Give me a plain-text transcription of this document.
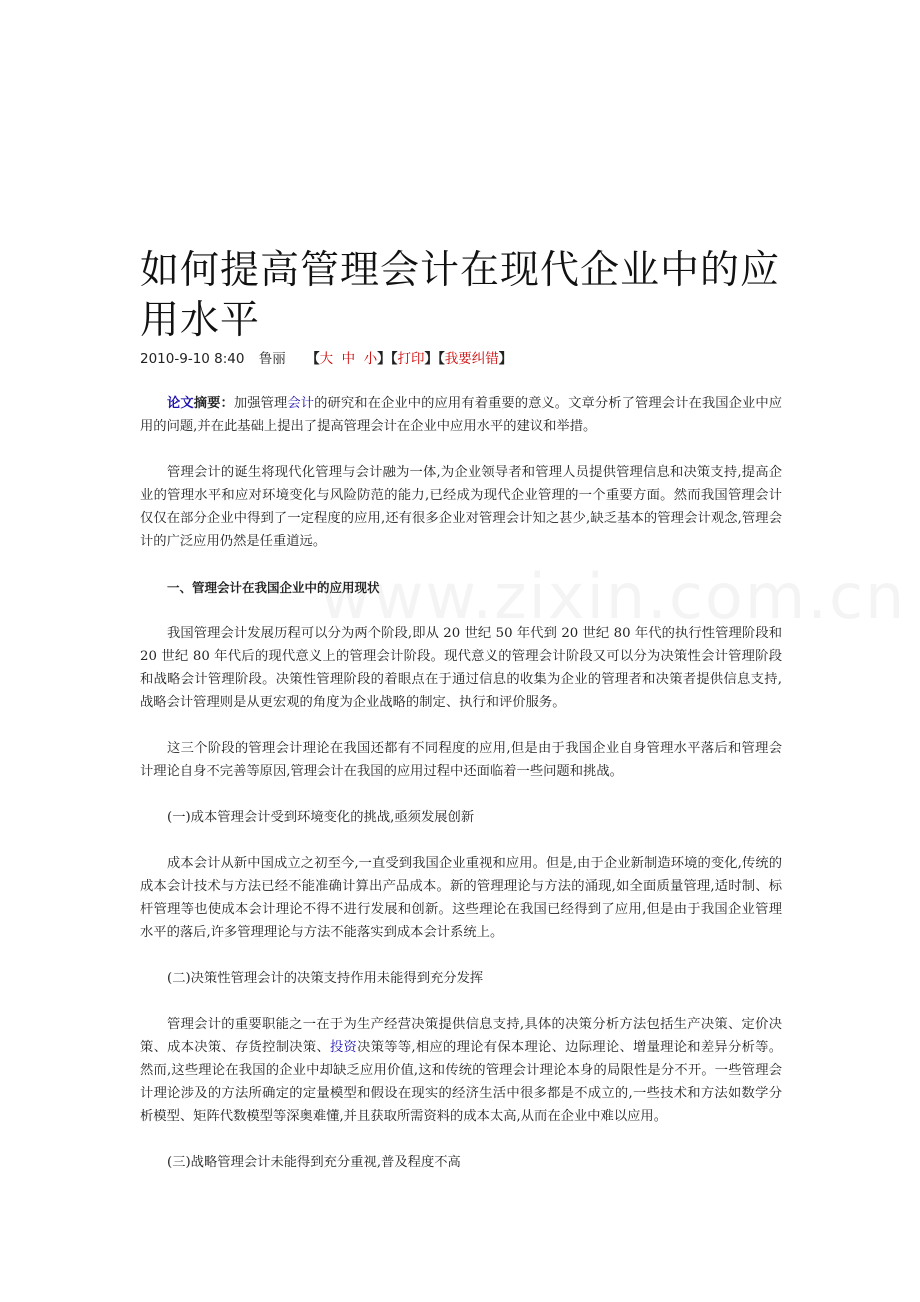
如何提高管理会计在现代企业中的应用水平
2010-9-10 8:40 鲁丽 【大 中 小】【打印】【我要纠错】

论文摘要：加强管理会计的研究和在企业中的应用有着重要的意义。文章分析了管理会计在我国企业中应用的问题,并在此基础上提出了提高管理会计在企业中应用水平的建议和举措。

管理会计的诞生将现代化管理与会计融为一体,为企业领导者和管理人员提供管理信息和决策支持,提高企业的管理水平和应对环境变化与风险防范的能力,已经成为现代企业管理的一个重要方面。然而我国管理会计仅仅在部分企业中得到了一定程度的应用,还有很多企业对管理会计知之甚少,缺乏基本的管理会计观念,管理会计的广泛应用仍然是任重道远。

一、管理会计在我国企业中的应用现状

我国管理会计发展历程可以分为两个阶段,即从 20 世纪 50 年代到 20 世纪 80 年代的执行性管理阶段和 20 世纪 80 年代后的现代意义上的管理会计阶段。现代意义的管理会计阶段又可以分为决策性会计管理阶段和战略会计管理阶段。决策性管理阶段的着眼点在于通过信息的收集为企业的管理者和决策者提供信息支持,战略会计管理则是从更宏观的角度为企业战略的制定、执行和评价服务。

这三个阶段的管理会计理论在我国还都有不同程度的应用,但是由于我国企业自身管理水平落后和管理会计理论自身不完善等原因,管理会计在我国的应用过程中还面临着一些问题和挑战。

(一)成本管理会计受到环境变化的挑战,亟须发展创新

成本会计从新中国成立之初至今,一直受到我国企业重视和应用。但是,由于企业新制造环境的变化,传统的成本会计技术与方法已经不能准确计算出产品成本。新的管理理论与方法的涌现,如全面质量管理,适时制、标杆管理等也使成本会计理论不得不进行发展和创新。这些理论在我国已经得到了应用,但是由于我国企业管理水平的落后,许多管理理论与方法不能落实到成本会计系统上。

(二)决策性管理会计的决策支持作用未能得到充分发挥

管理会计的重要职能之一在于为生产经营决策提供信息支持,具体的决策分析方法包括生产决策、定价决策、成本决策、存货控制决策、投资决策等等,相应的理论有保本理论、边际理论、增量理论和差异分析等。然而,这些理论在我国的企业中却缺乏应用价值,这和传统的管理会计理论本身的局限性是分不开。一些管理会计理论涉及的方法所确定的定量模型和假设在现实的经济生活中很多都是不成立的,一些技术和方法如数学分析模型、矩阵代数模型等深奥难懂,并且获取所需资料的成本太高,从而在企业中难以应用。

(三)战略管理会计未能得到充分重视,普及程度不高
